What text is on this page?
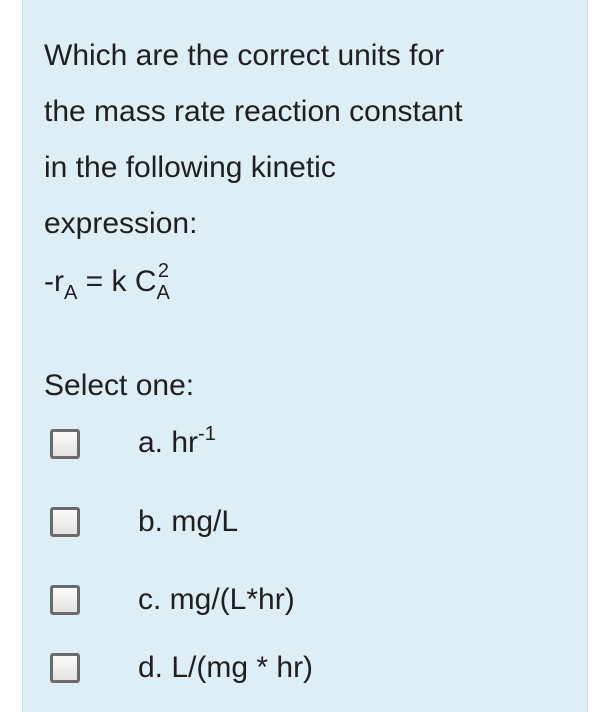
Which are the correct units for
the mass rate reaction constant
in the following kinetic
expression:
$-r_A = k$ $C_A^2$
Select one:
a. $hr^{-1}$
b. mg/L
c. mg/(L*hr)
d. L/(mg * hr)
